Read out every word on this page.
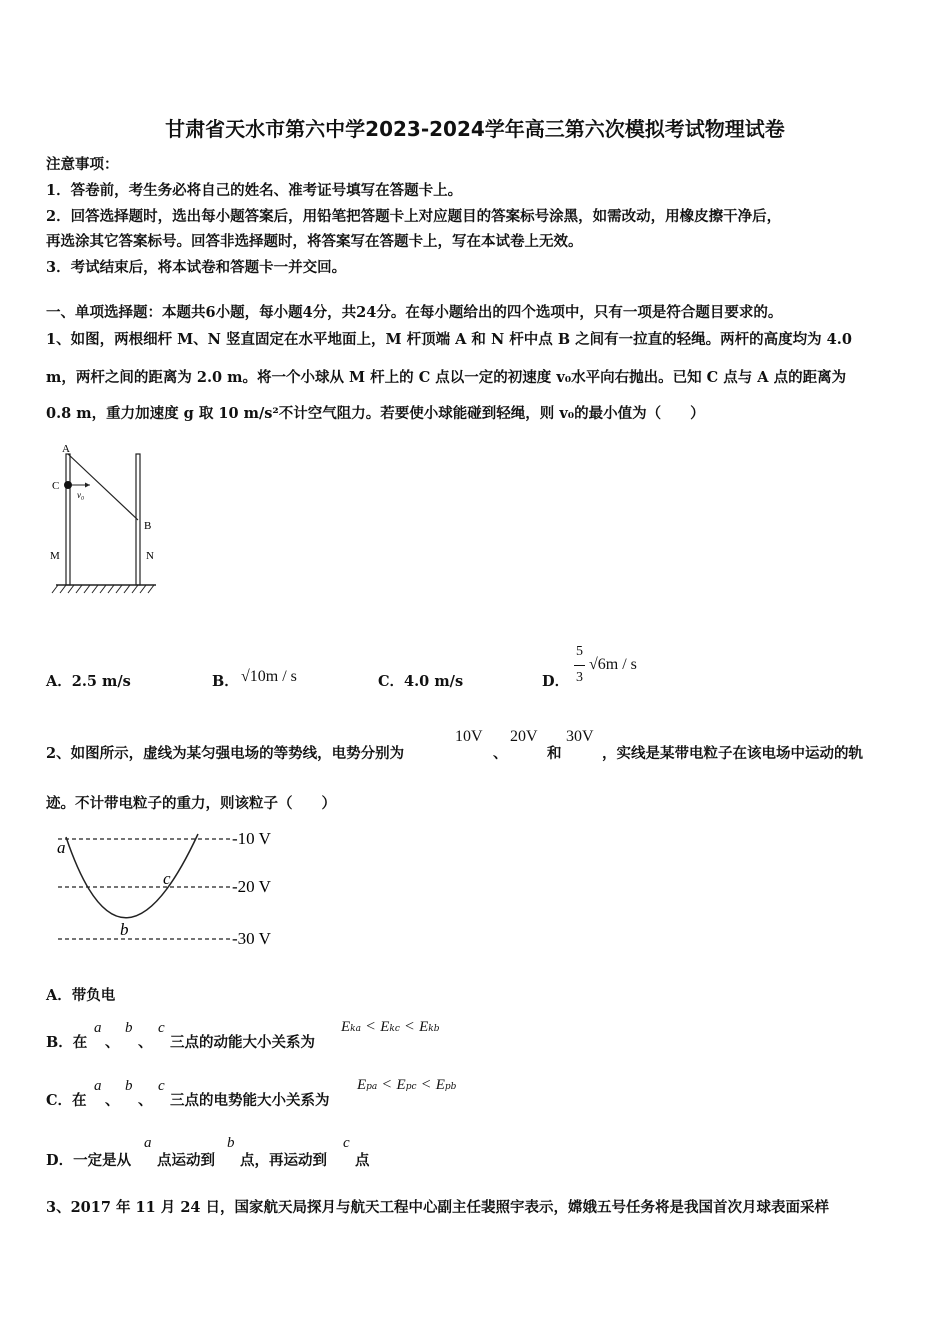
甘肃省天水市第六中学2023-2024学年高三第六次模拟考试物理试卷
注意事项：
1．答卷前，考生务必将自己的姓名、准考证号填写在答题卡上。
2．回答选择题时，选出每小题答案后，用铅笔把答题卡上对应题目的答案标号涂黑，如需改动，用橡皮擦干净后，
再选涂其它答案标号。回答非选择题时，将答案写在答题卡上，写在本试卷上无效。
3．考试结束后，将本试卷和答题卡一并交回。
一、单项选择题：本题共6小题，每小题4分，共24分。在每小题给出的四个选项中，只有一项是符合题目要求的。
1、如图，两根细杆 M、N 竖直固定在水平地面上，M 杆顶端 A 和 N 杆中点 B 之间有一拉直的轻绳。两杆的高度均为 4.0
m，两杆之间的距离为 2.0 m。将一个小球从 M 杆上的 C 点以一定的初速度 v₀水平向右抛出。已知 C 点与 A 点的距离为
0.8 m，重力加速度 g 取 10 m/s²不计空气阻力。若要使小球能碰到轻绳，则 v₀的最小值为（　　）
A
C
v₀
B
M	N
A．2.5 m/s	B． √10m / s	C．4.0 m/s	D．
5
3
√6m / s
2、如图所示，虚线为某匀强电场的等势线，电势分别为
10V
、
20V
和
30V
，实线是某带电粒子在该电场中运动的轨
迹。不计带电粒子的重力，则该粒子（　　）
-10 V
-20 V
-30 V
a
b
c
A．带负电
B．在
a
、
b
、
c
三点的动能大小关系为
Eka < Ekc < Ekb
C．在
a
、
b
、
c
三点的电势能大小关系为
Epa < Epc < Epb
D．一定是从
a
点运动到
b
点，再运动到
c
点
3、2017 年 11 月 24 日，国家航天局探月与航天工程中心副主任裴照宇表示，嫦娥五号任务将是我国首次月球表面采样
